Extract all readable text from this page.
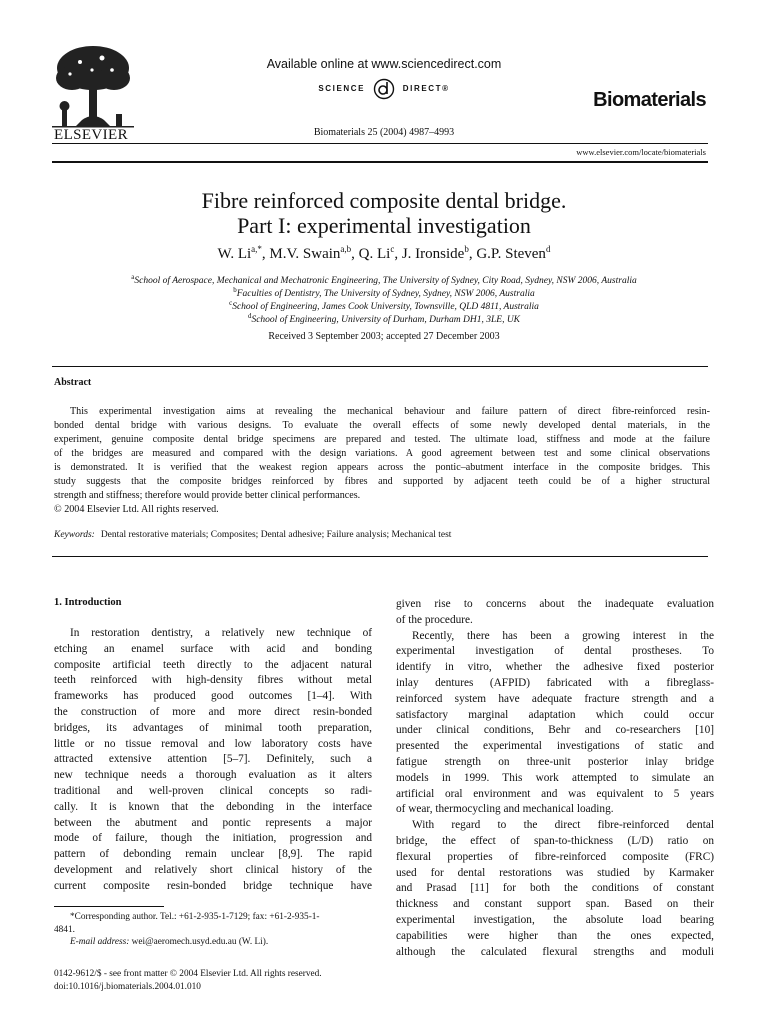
ELSEVIER
Available online at www.sciencedirect.com
SCIENCE	DIRECT®
Biomaterials
Biomaterials 25 (2004) 4987–4993
www.elsevier.com/locate/biomaterials
Fibre reinforced composite dental bridge.
Part I: experimental investigation
W. $Li^{a,*}$, M.V. Swain$^{a,b}$, Q. Li$^c$, J. Ironside$^b$, G.P. Steven$^d$
$^a$School of Aerospace, Mechanical and Mechatronic Engineering, The University of Sydney, City Road, Sydney, NSW 2006, Australia
$^b$Faculties of Dentistry, The University of Sydney, Sydney, NSW 2006, Australia
$^c$School of Engineering, James Cook University, Townsville, QLD 4811, Australia
$^d$School of Engineering, University of Durham, Durham DH1, 3LE, UK
Received 3 September 2003; accepted 27 December 2003
Abstract
This experimental investigation aims at revealing the mechanical behaviour and failure pattern of direct fibre-reinforced resin-
bonded dental bridge with various designs. To evaluate the overall effects of some newly developed dental materials, in the
experiment, genuine composite dental bridge specimens are prepared and tested. The ultimate load, stiffness and mode at the failure
of the bridges are measured and compared with the design variations. A good agreement between test and some clinical observations
is demonstrated. It is verified that the weakest region appears across the pontic–abutment interface in the composite bridges. This
study suggests that the composite bridges reinforced by fibres and supported by adjacent teeth could be of a higher structural
strength and stiffness; therefore would provide better clinical performances.
© 2004 Elsevier Ltd. All rights reserved.
Keywords: Dental restorative materials; Composites; Dental adhesive; Failure analysis; Mechanical test
1. Introduction
In restoration dentistry, a relatively new technique of
etching an enamel surface with acid and bonding
composite artificial teeth directly to the adjacent natural
teeth reinforced with high-density fibres without metal
frameworks has produced good outcomes [1–4]. With
the construction of more and more direct resin-bonded
bridges, its advantages of minimal tooth preparation,
little or no tissue removal and low laboratory costs have
attracted extensive attention [5–7]. Definitely, such a
new technique needs a thorough evaluation as it alters
traditional and well-proven clinical concepts so radi-
cally. It is known that the debonding in the interface
between the abutment and pontic represents a major
mode of failure, though the initiation, progression and
pattern of debonding remain unclear [8,9]. The rapid
development and relatively short clinical history of the
current composite resin-bonded bridge technique have
given rise to concerns about the inadequate evaluation
of the procedure.
Recently, there has been a growing interest in the
experimental investigation of dental prostheses. To
identify in vitro, whether the adhesive fixed posterior
inlay dentures (AFPID) fabricated with a fibreglass-
reinforced system have adequate fracture strength and a
satisfactory marginal adaptation which could occur
under clinical conditions, Behr and co-researchers [10]
presented the experimental investigations of static and
fatigue strength on three-unit posterior inlay bridge
models in 1999. This work attempted to simulate an
artificial oral environment and was equivalent to 5 years
of wear, thermocycling and mechanical loading.
With regard to the direct fibre-reinforced dental
bridge, the effect of span-to-thickness (L/D) ratio on
flexural properties of fibre-reinforced composite (FRC)
used for dental restorations was studied by Karmaker
and Prasad [11] for both the conditions of constant
thickness and constant support span. Based on their
experimental investigation, the absolute load bearing
capabilities were higher than the ones expected,
although the calculated flexural strengths and moduli
*Corresponding author. Tel.: +61-2-935-1-7129; fax: +61-2-935-1-
4841.
E-mail address: wei@aeromech.usyd.edu.au (W. Li).
0142-9612/$ - see front matter © 2004 Elsevier Ltd. All rights reserved.
doi:10.1016/j.biomaterials.2004.01.010
